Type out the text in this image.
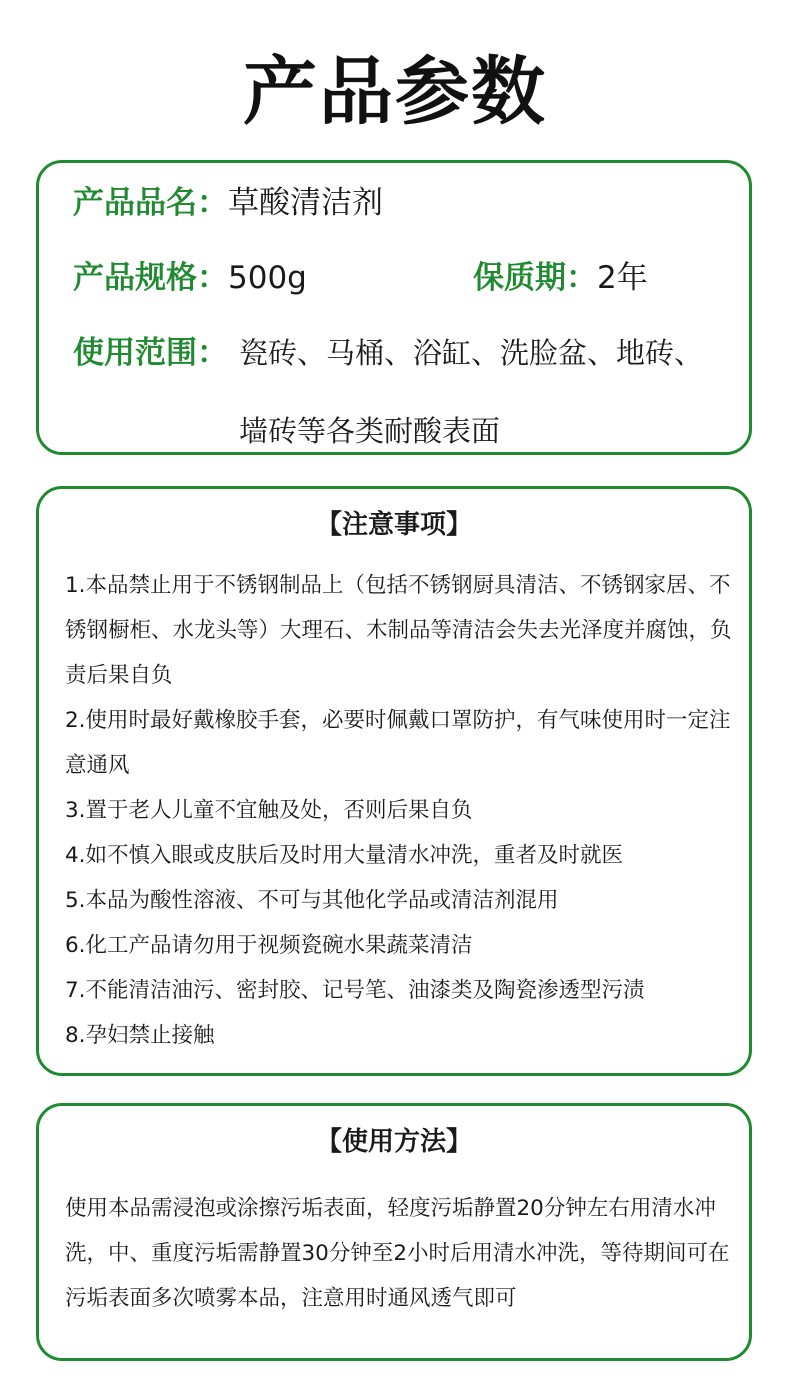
产品参数
产品品名：草酸清洁剂
产品规格：500g	保质期：2年
使用范围： 瓷砖、马桶、浴缸、洗脸盆、地砖、
墙砖等各类耐酸表面
【注意事项】
1.本品禁止用于不锈钢制品上（包括不锈钢厨具清洁、不锈钢家居、不锈钢橱柜、水龙头等）大理石、木制品等清洁会失去光泽度并腐蚀，负责后果自负
2.使用时最好戴橡胶手套，必要时佩戴口罩防护，有气味使用时一定注意通风
3.置于老人儿童不宜触及处，否则后果自负
4.如不慎入眼或皮肤后及时用大量清水冲洗，重者及时就医
5.本品为酸性溶液、不可与其他化学品或清洁剂混用
6.化工产品请勿用于视频瓷碗水果蔬菜清洁
7.不能清洁油污、密封胶、记号笔、油漆类及陶瓷渗透型污渍
8.孕妇禁止接触
【使用方法】

使用本品需浸泡或涂擦污垢表面，轻度污垢静置20分钟左右用清水冲洗，中、重度污垢需静置30分钟至2小时后用清水冲洗，等待期间可在污垢表面多次喷雾本品，注意用时通风透气即可
